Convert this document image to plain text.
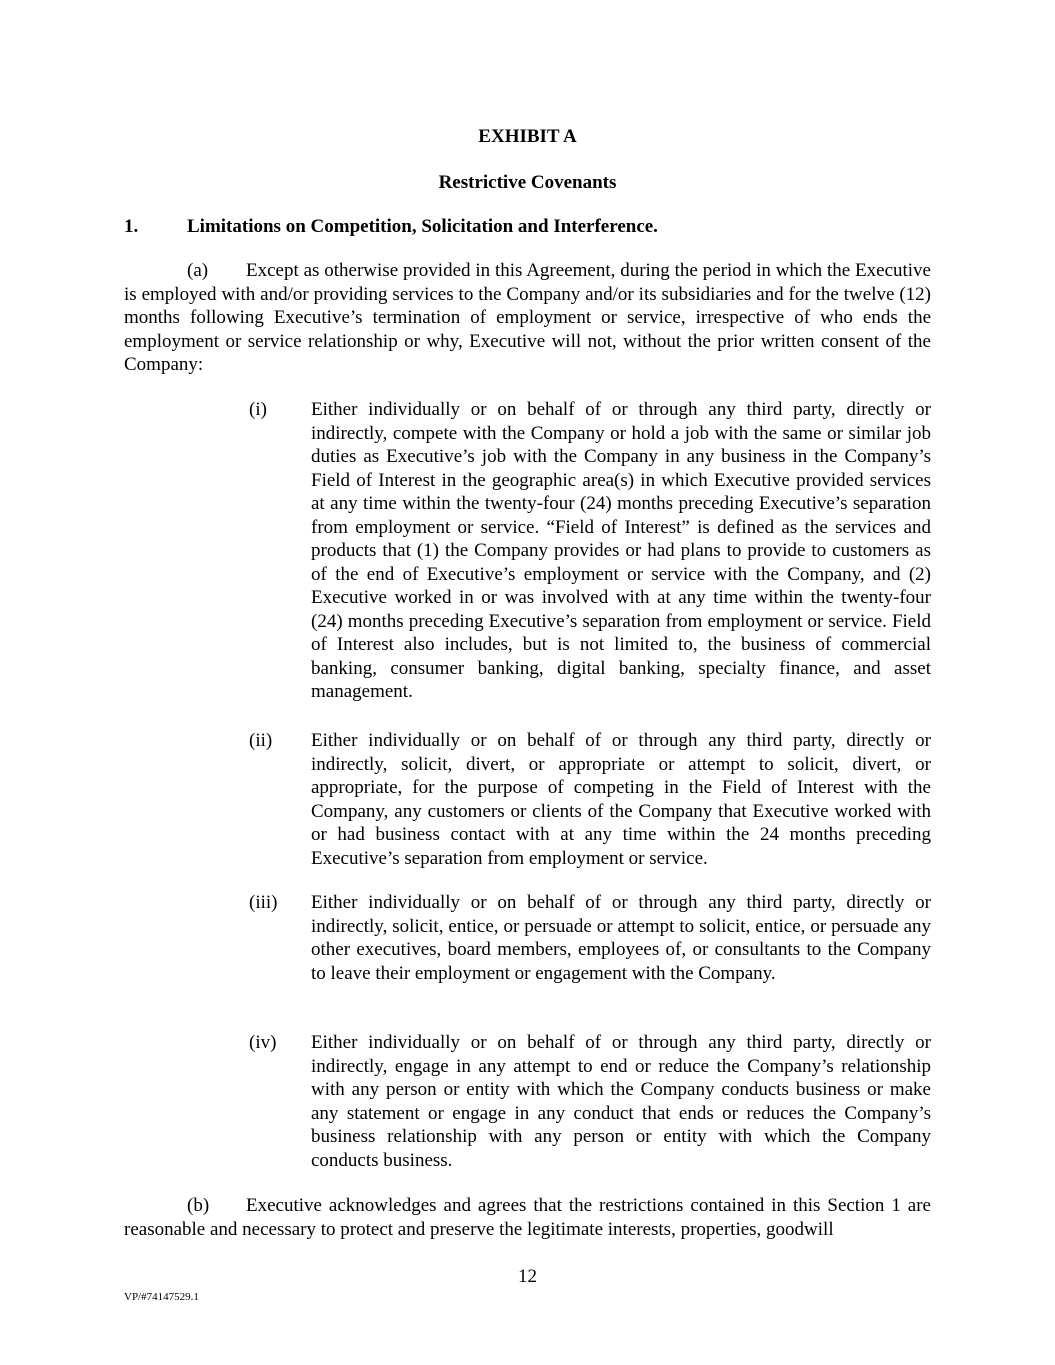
EXHIBIT A
Restrictive Covenants
1.	Limitations on Competition, Solicitation and Interference.
(a) Except as otherwise provided in this Agreement, during the period in which the Executive is employed with and/or providing services to the Company and/or its subsidiaries and for the twelve (12) months following Executive’s termination of employment or service, irrespective of who ends the employment or service relationship or why, Executive will not, without the prior written consent of the Company:
(i) Either individually or on behalf of or through any third party, directly or indirectly, compete with the Company or hold a job with the same or similar job duties as Executive’s job with the Company in any business in the Company’s Field of Interest in the geographic area(s) in which Executive provided services at any time within the twenty-four (24) months preceding Executive’s separation from employment or service. “Field of Interest” is defined as the services and products that (1) the Company provides or had plans to provide to customers as of the end of Executive’s employment or service with the Company, and (2) Executive worked in or was involved with at any time within the twenty-four (24) months preceding Executive’s separation from employment or service. Field of Interest also includes, but is not limited to, the business of commercial banking, consumer banking, digital banking, specialty finance, and asset management.
(ii) Either individually or on behalf of or through any third party, directly or indirectly, solicit, divert, or appropriate or attempt to solicit, divert, or appropriate, for the purpose of competing in the Field of Interest with the Company, any customers or clients of the Company that Executive worked with or had business contact with at any time within the 24 months preceding Executive’s separation from employment or service.
(iii) Either individually or on behalf of or through any third party, directly or indirectly, solicit, entice, or persuade or attempt to solicit, entice, or persuade any other executives, board members, employees of, or consultants to the Company to leave their employment or engagement with the Company.
(iv) Either individually or on behalf of or through any third party, directly or indirectly, engage in any attempt to end or reduce the Company’s relationship with any person or entity with which the Company conducts business or make any statement or engage in any conduct that ends or reduces the Company’s business relationship with any person or entity with which the Company conducts business.
(b) Executive acknowledges and agrees that the restrictions contained in this Section 1 are reasonable and necessary to protect and preserve the legitimate interests, properties, goodwill
12
VP/#74147529.1
